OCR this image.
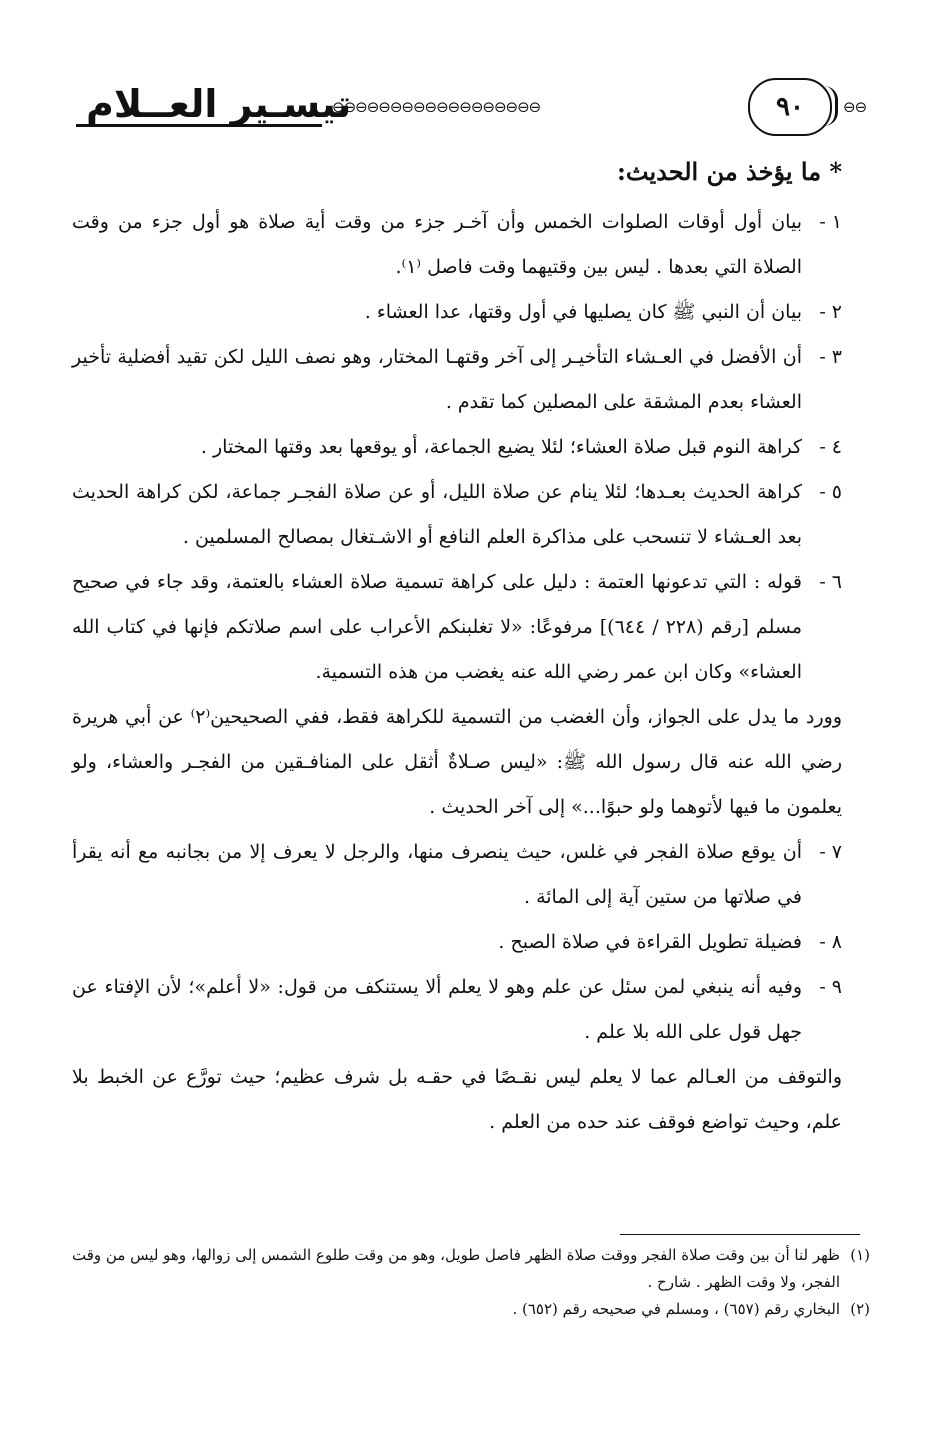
تيسـير العــلام
⊖⊖⊖⊖⊖⊖⊖⊖⊖⊖⊖⊖⊖⊖⊖⊖⊖⊖	٩٠	⊖⊖
* ما يؤخذ من الحديث:
١ -
بيان أول أوقات الصلوات الخمس وأن آخـر جزء من وقت أية صلاة هو أول جزء من وقت الصلاة التي بعدها . ليس بين وقتيهما وقت فاصل ⁽١⁾.
٢ -
بيان أن النبي ﷺ كان يصليها في أول وقتها، عدا العشاء .
٣ -
أن الأفضل في العـشاء التأخيـر إلى آخر وقتهـا المختار، وهو نصف الليل لكن تقيد أفضلية تأخير العشاء بعدم المشقة على المصلين كما تقدم .
٤ -
كراهة النوم قبل صلاة العشاء؛ لئلا يضيع الجماعة، أو يوقعها بعد وقتها المختار .
٥ -
كراهة الحديث بعـدها؛ لئلا ينام عن صلاة الليل، أو عن صلاة الفجـر جماعة، لكن كراهة الحديث بعد العـشاء لا تنسحب على مذاكرة العلم النافع أو الاشـتغال بمصالح المسلمين .
٦ -
قوله : التي تدعونها العتمة : دليل على كراهة تسمية صلاة العشاء بالعتمة، وقد جاء في صحيح مسلم [رقم (٢٢٨ / ٦٤٤)] مرفوعًا: «لا تغلبنكم الأعراب على اسم صلاتكم فإنها في كتاب الله العشاء» وكان ابن عمر رضي الله عنه يغضب من هذه التسمية.

وورد ما يدل على الجواز، وأن الغضب من التسمية للكراهة فقط، ففي الصحيحين⁽٢⁾ عن أبي هريرة رضي الله عنه قال رسول الله ﷺ: «ليس صـلاةٌ أثقل على المنافـقين من الفجـر والعشاء، ولو يعلمون ما فيها لأتوهما ولو حبوًا...» إلى آخر الحديث .

٧ -
أن يوقع صلاة الفجر في غلس، حيث ينصرف منها، والرجل لا يعرف إلا من بجانبه مع أنه يقرأ في صلاتها من ستين آية إلى المائة .
٨ -
فضيلة تطويل القراءة في صلاة الصبح .
٩ -
وفيه أنه ينبغي لمن سئل عن علم وهو لا يعلم ألا يستنكف من قول: «لا أعلم»؛ لأن الإفتاء عن جهل قول على الله بلا علم .

والتوقف من العـالم عما لا يعلم ليس نقـصًا في حقـه بل شرف عظيم؛ حيث تورَّع عن الخبط بلا علم، وحيث تواضع فوقف عند حده من العلم .

(١)
ظهر لنا أن بين وقت صلاة الفجر ووقت صلاة الظهر فاصل طويل، وهو من وقت طلوع الشمس إلى زوالها، وهو ليس من وقت الفجر، ولا وقت الظهر . شارح .
(٢)
البخاري رقم (٦٥٧) ، ومسلم في صحيحه رقم (٦٥٢) .
